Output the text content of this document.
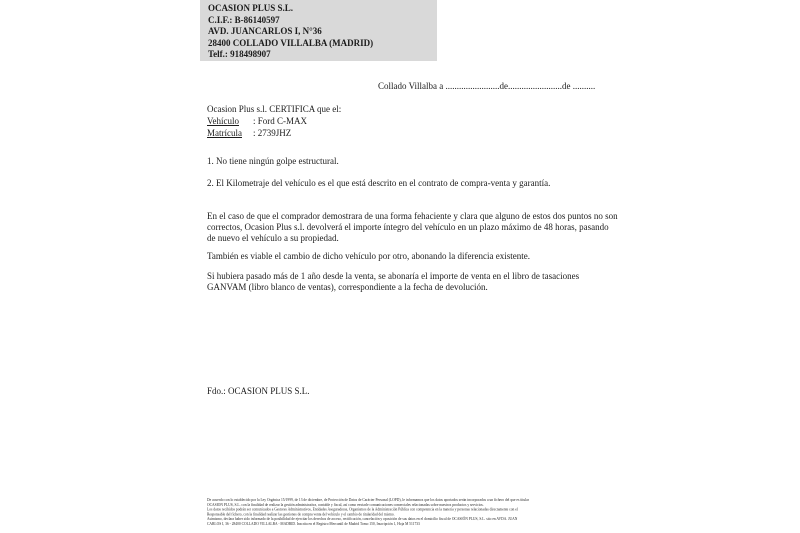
OCASION PLUS S.L.
C.I.F.: B-86140597
AVD. JUANCARLOS I, N°36
28400 COLLADO VILLALBA (MADRID)
Telf.: 918498907
Collado Villalba a ........................de........................de ..........
Ocasion Plus s.l. CERTIFICA que el:
Vehículo : Ford C-MAX
Matrícula : 2739JHZ
1. No tiene ningún golpe estructural.
2. El Kilometraje del vehículo es el que está descrito en el contrato de compra-venta y garantía.
En el caso de que el comprador demostrara de una forma fehaciente y clara que alguno de estos dos puntos no son correctos, Ocasion Plus s.l. devolverá el importe íntegro del vehículo en un plazo máximo de 48 horas, pasando de nuevo el vehículo a su propiedad.
También es viable el cambio de dicho vehículo por otro, abonando la diferencia existente.
Si hubiera pasado más de 1 año desde la venta, se abonaría el importe de venta en el libro de tasaciones GANVAM (libro blanco de ventas), correspondiente a la fecha de devolución.
Fdo.: OCASION PLUS S.L.
De acuerdo con lo establecido por la Ley Orgánica 15/1999, de 13 de diciembre, de Protección de Datos de Carácter Personal (LOPD), le informamos que los datos aportados serán incorporados a un fichero del que es titular
OCASION PLUS, S.L. con la finalidad de realizar la gestión administrativa, contable y fiscal, así como enviarle comunicaciones comerciales relacionadas sobre nuestros productos y servicios.
Los datos recibidos podrán ser comunicados a Gestores Administrativos, Entidades Aseguradoras, Organismos de la Administración Pública con competencia en la materia y personas relacionadas directamente con el
Responsable del fichero, con la finalidad realizar las gestiones de compra venta del vehículo y el cambio de titularidad del mismo.
Asimismo, declara haber sido informado de la posibilidad de ejercitar los derechos de acceso, rectificación, cancelación y oposición de sus datos en el domicilio fiscal de OCASIÓN PLUS, S.L. sito en AVDA. JUAN
CARLOS I, 36 - 28400 COLLADO VILLALBA - MADRID. Inscrita en el Registro Mercantil de Madrid Tomo 150, Inscripción 1, Hoja M 511733
